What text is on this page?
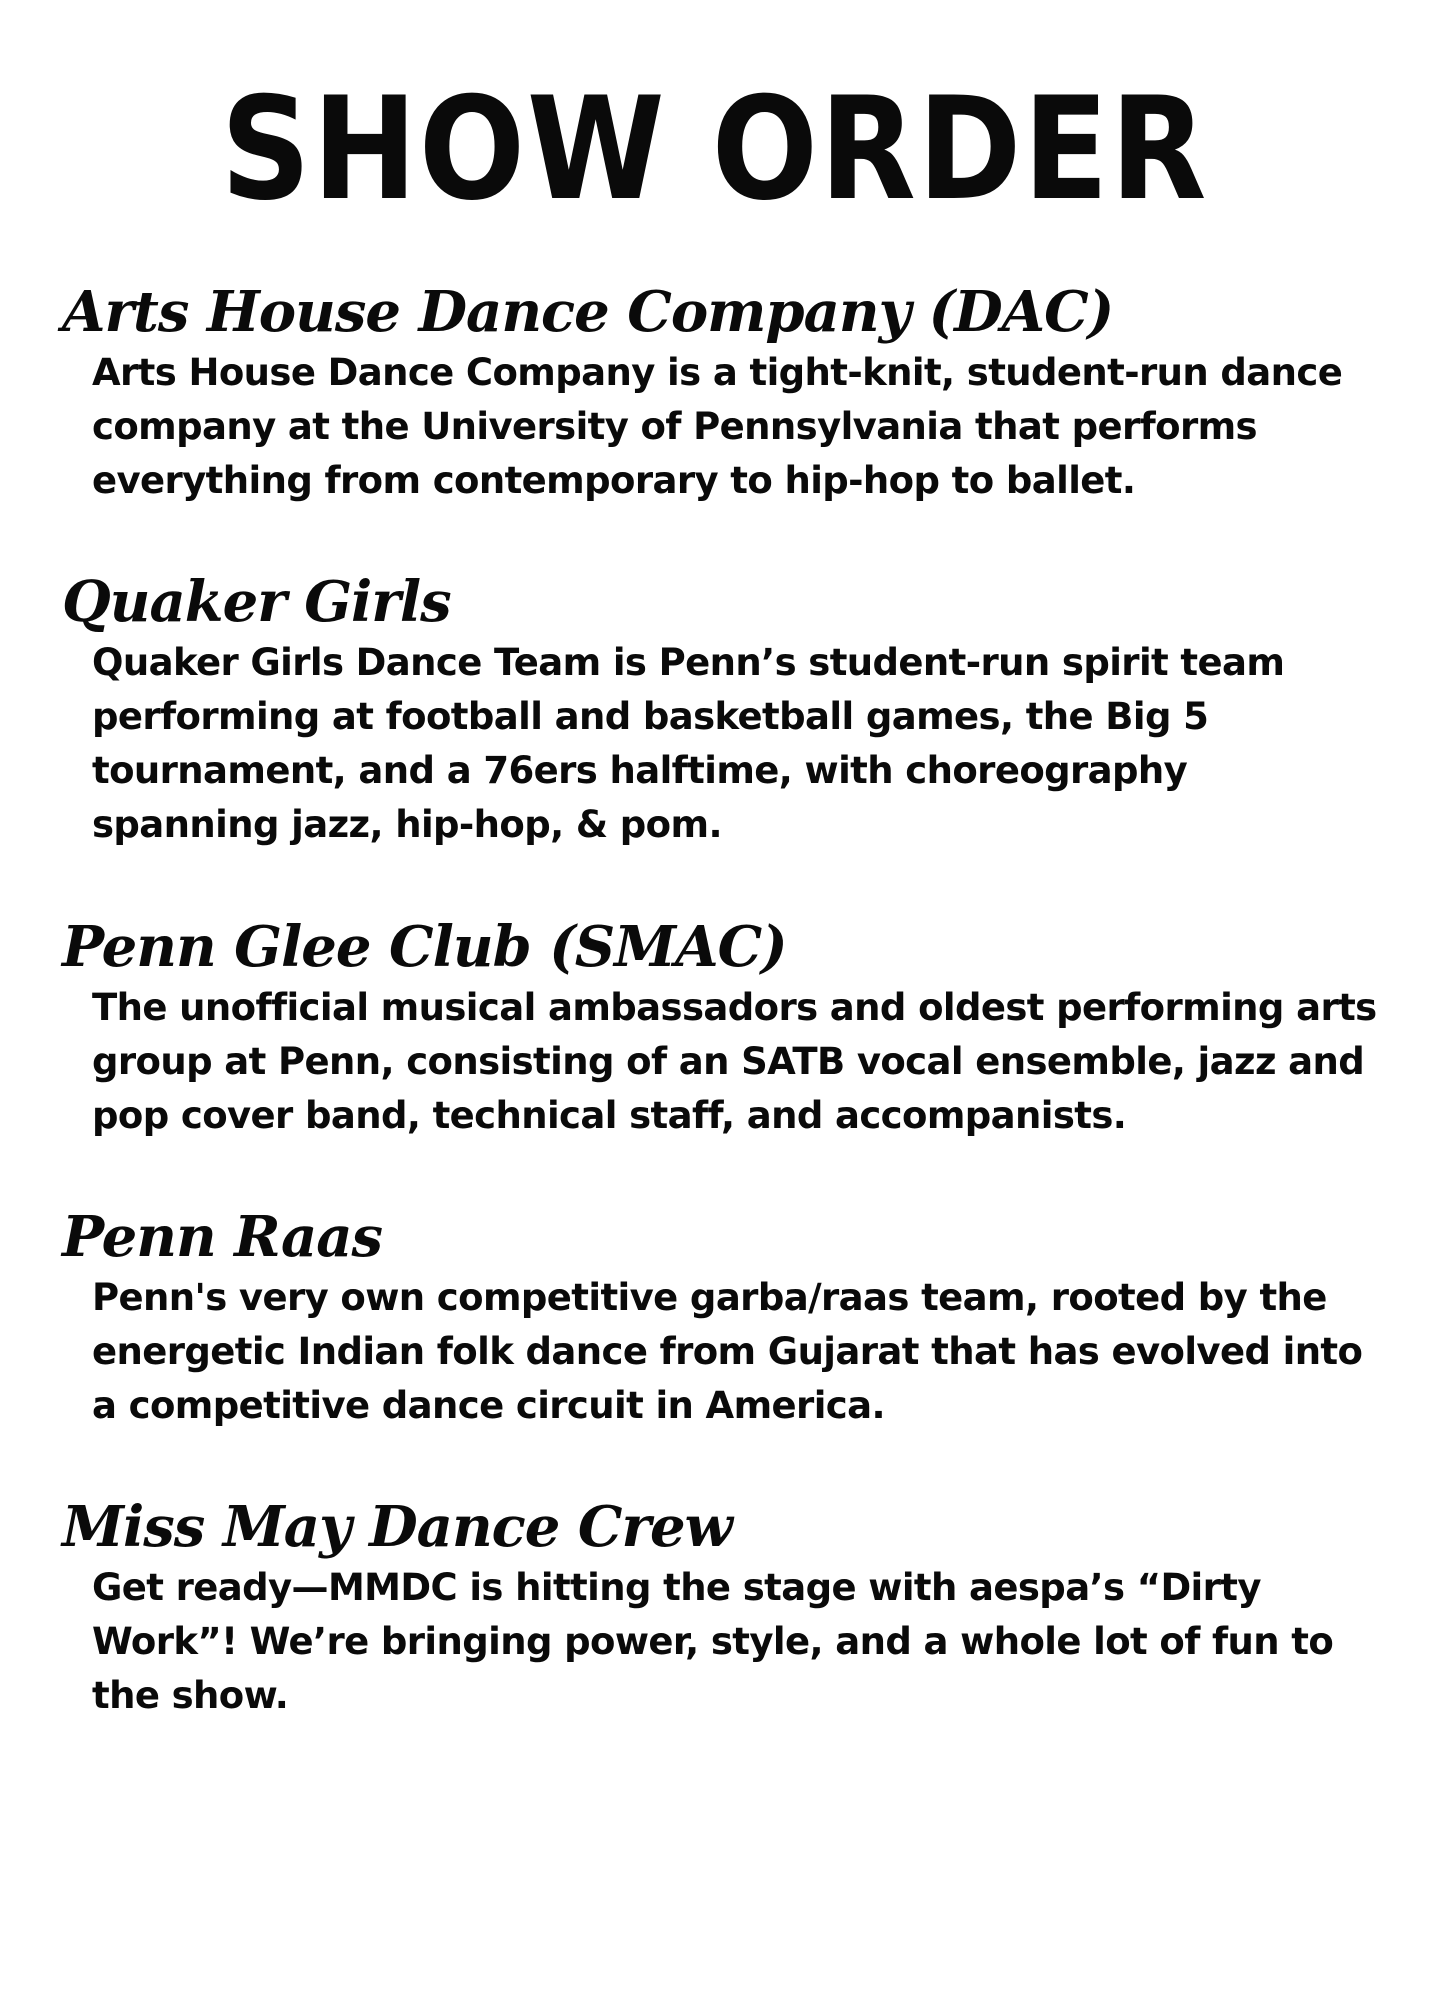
SHOW ORDER
Arts House Dance Company (DAC)

Arts House Dance Company is a tight-knit, student-run dance company at the University of Pennsylvania that performs everything from contemporary to hip-hop to ballet.

Quaker Girls

Quaker Girls Dance Team is Penn’s student-run spirit team performing at football and basketball games, the Big 5 tournament, and a 76ers halftime, with choreography spanning jazz, hip-hop, & pom.

Penn Glee Club (SMAC)

The unofficial musical ambassadors and oldest performing arts group at Penn, consisting of an SATB vocal ensemble, jazz and pop cover band, technical staff, and accompanists.

Penn Raas

Penn's very own competitive garba/raas team, rooted by the energetic Indian folk dance from Gujarat that has evolved into a competitive dance circuit in America.

Miss May Dance Crew

Get ready—MMDC is hitting the stage with aespa’s “Dirty Work”! We’re bringing power, style, and a whole lot of fun to the show.
